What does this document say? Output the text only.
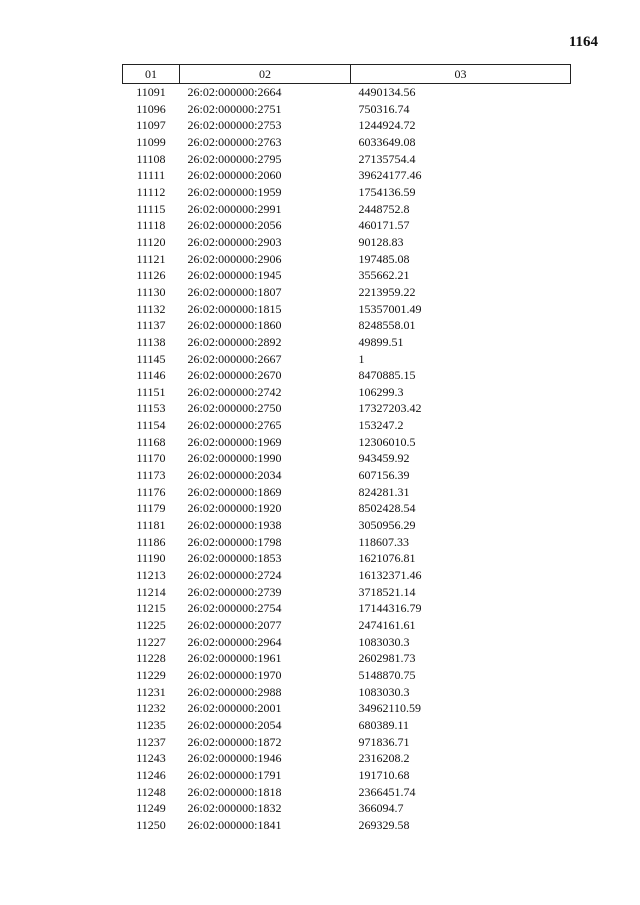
1164
01	02	03
11091	26:02:000000:2664	4490134.56
11096	26:02:000000:2751	750316.74
11097	26:02:000000:2753	1244924.72
11099	26:02:000000:2763	6033649.08
11108	26:02:000000:2795	27135754.4
11111	26:02:000000:2060	39624177.46
11112	26:02:000000:1959	1754136.59
11115	26:02:000000:2991	2448752.8
11118	26:02:000000:2056	460171.57
11120	26:02:000000:2903	90128.83
11121	26:02:000000:2906	197485.08
11126	26:02:000000:1945	355662.21
11130	26:02:000000:1807	2213959.22
11132	26:02:000000:1815	15357001.49
11137	26:02:000000:1860	8248558.01
11138	26:02:000000:2892	49899.51
11145	26:02:000000:2667	1
11146	26:02:000000:2670	8470885.15
11151	26:02:000000:2742	106299.3
11153	26:02:000000:2750	17327203.42
11154	26:02:000000:2765	153247.2
11168	26:02:000000:1969	12306010.5
11170	26:02:000000:1990	943459.92
11173	26:02:000000:2034	607156.39
11176	26:02:000000:1869	824281.31
11179	26:02:000000:1920	8502428.54
11181	26:02:000000:1938	3050956.29
11186	26:02:000000:1798	118607.33
11190	26:02:000000:1853	1621076.81
11213	26:02:000000:2724	16132371.46
11214	26:02:000000:2739	3718521.14
11215	26:02:000000:2754	17144316.79
11225	26:02:000000:2077	2474161.61
11227	26:02:000000:2964	1083030.3
11228	26:02:000000:1961	2602981.73
11229	26:02:000000:1970	5148870.75
11231	26:02:000000:2988	1083030.3
11232	26:02:000000:2001	34962110.59
11235	26:02:000000:2054	680389.11
11237	26:02:000000:1872	971836.71
11243	26:02:000000:1946	2316208.2
11246	26:02:000000:1791	191710.68
11248	26:02:000000:1818	2366451.74
11249	26:02:000000:1832	366094.7
11250	26:02:000000:1841	269329.58
